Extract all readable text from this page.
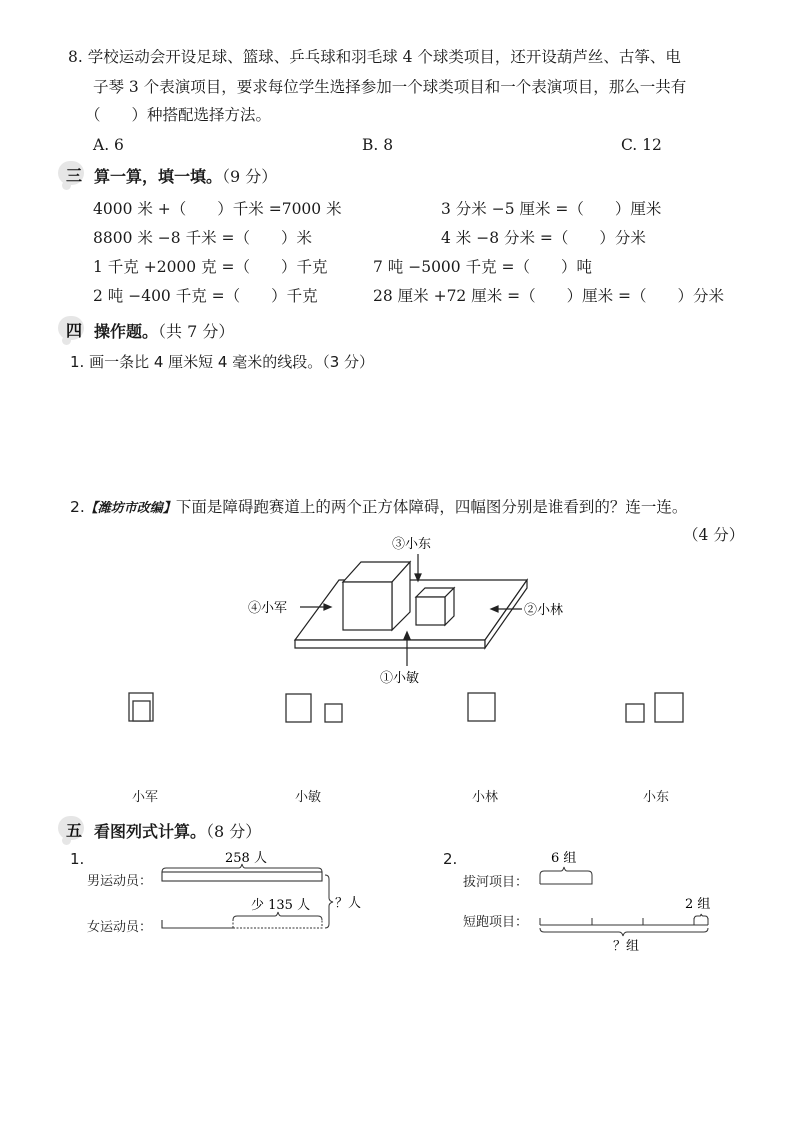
8. 学校运动会开设足球、篮球、乒乓球和羽毛球 4 个球类项目，还开设葫芦丝、古筝、电
子琴 3 个表演项目，要求每位学生选择参加一个球类项目和一个表演项目，那么一共有
（　　）种搭配选择方法。
A. 6	B. 8	C. 12
三 算一算，填一填。（9 分）
4000 米 +（　　）千米 =7000 米	3 分米 −5 厘米 =（　　）厘米
8800 米 −8 千米 =（　　）米	4 米 −8 分米 =（　　）分米
1 千克 +2000 克 =（　　）千克	7 吨 −5000 千克 =（　　）吨
2 吨 −400 千克 =（　　）千克	28 厘米 +72 厘米 =（　　）厘米 =（　　）分米
四 操作题。（共 7 分）
1. 画一条比 4 厘米短 4 毫米的线段。（3 分）
2.【潍坊市改编】下面是障碍跑赛道上的两个正方体障碍，四幅图分别是谁看到的？连一连。
（4 分）
③小东
④小军	②小林
①小敏
小军	小敏	小林	小东
五 看图列式计算。（8 分）
1.
男运动员：
女运动员：
258 人
少 135 人 ？人
2.
拔河项目：
短跑项目：
6 组
2 组
？组
